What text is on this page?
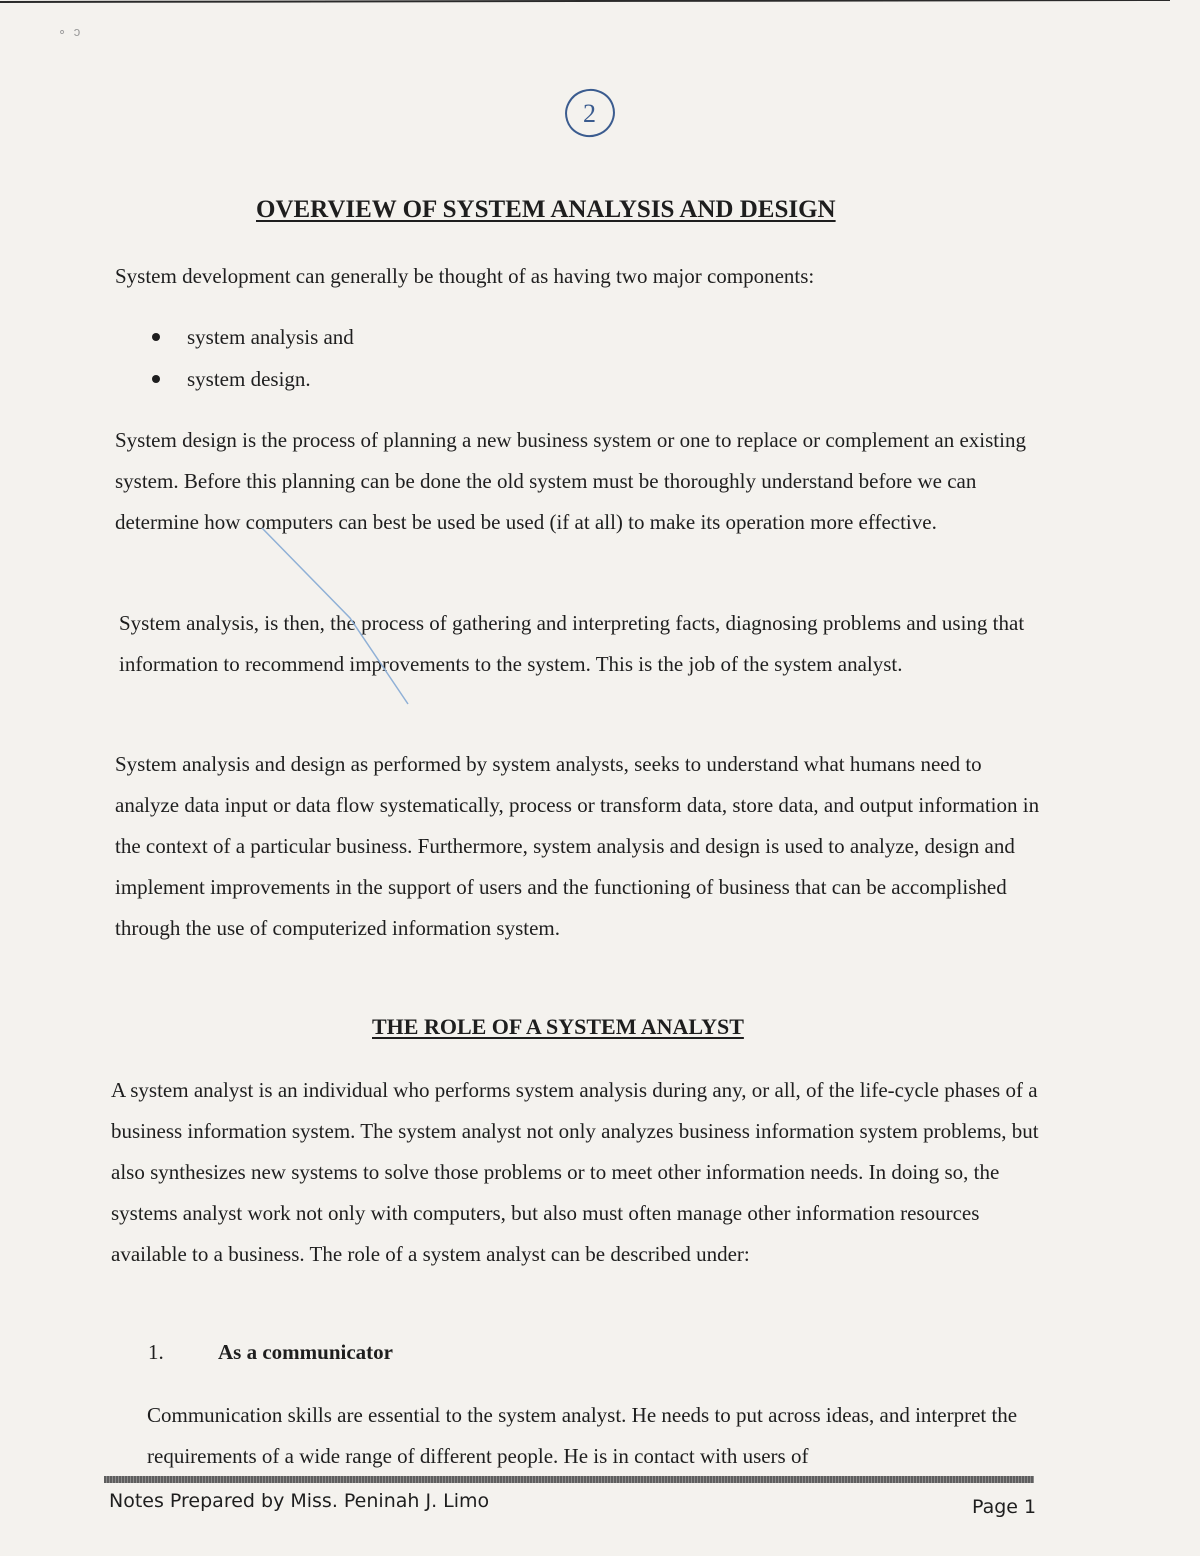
∘ ↄ
2
OVERVIEW OF SYSTEM ANALYSIS AND DESIGN

System development can generally be thought of as having two major components:

system analysis and
system design.

System design is the process of planning a new business system or one to replace or complement an existing system. Before this planning can be done the old system must be thoroughly understand before we can determine how computers can best be used be used (if at all) to make its operation more effective.

System analysis, is then, the process of gathering and interpreting facts, diagnosing problems and using that information to recommend improvements to the system. This is the job of the system analyst.

System analysis and design as performed by system analysts, seeks to understand what humans need to analyze data input or data flow systematically, process or transform data, store data, and output information in the context of a particular business. Furthermore, system analysis and design is used to analyze, design and implement improvements in the support of users and the functioning of business that can be accomplished through the use of computerized information system.

THE ROLE OF A SYSTEM ANALYST

A system analyst is an individual who performs system analysis during any, or all, of the life-cycle phases of a business information system. The system analyst not only analyzes business information system problems, but also synthesizes new systems to solve those problems or to meet other information needs. In doing so, the systems analyst work not only with computers, but also must often manage other information resources available to a business. The role of a system analyst can be described under:

1.	As a communicator

Communication skills are essential to the system analyst. He needs to put across ideas, and interpret the requirements of a wide range of different people. He is in contact with users of

Notes Prepared by Miss. Peninah J. Limo	Page 1
